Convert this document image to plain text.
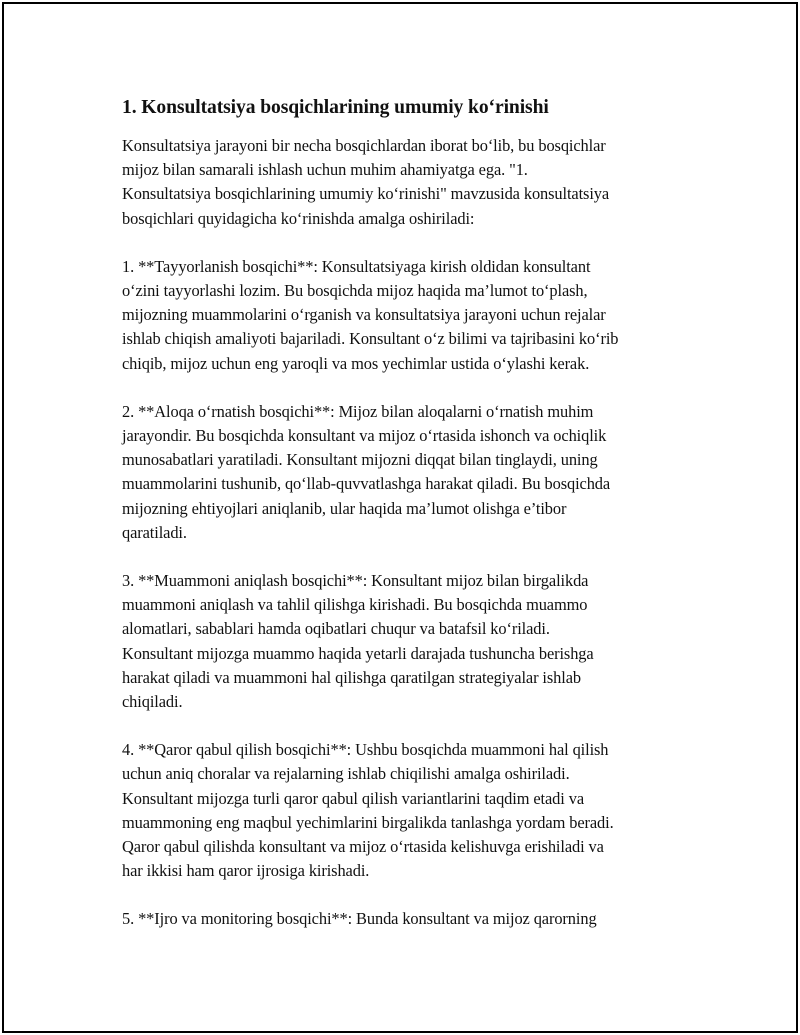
1. Konsultatsiya bosqichlarining umumiy ko‘rinishi
Konsultatsiya jarayoni bir necha bosqichlardan iborat bo‘lib, bu bosqichlar
mijoz bilan samarali ishlash uchun muhim ahamiyatga ega. "1.
Konsultatsiya bosqichlarining umumiy ko‘rinishi" mavzusida konsultatsiya
bosqichlari quyidagicha ko‘rinishda amalga oshiriladi:
1. **Tayyorlanish bosqichi**: Konsultatsiyaga kirish oldidan konsultant
o‘zini tayyorlashi lozim. Bu bosqichda mijoz haqida ma’lumot to‘plash,
mijozning muammolarini o‘rganish va konsultatsiya jarayoni uchun rejalar
ishlab chiqish amaliyoti bajariladi. Konsultant o‘z bilimi va tajribasini ko‘rib
chiqib, mijoz uchun eng yaroqli va mos yechimlar ustida o‘ylashi kerak.
2. **Aloqa o‘rnatish bosqichi**: Mijoz bilan aloqalarni o‘rnatish muhim
jarayondir. Bu bosqichda konsultant va mijoz o‘rtasida ishonch va ochiqlik
munosabatlari yaratiladi. Konsultant mijozni diqqat bilan tinglaydi, uning
muammolarini tushunib, qo‘llab-quvvatlashga harakat qiladi. Bu bosqichda
mijozning ehtiyojlari aniqlanib, ular haqida ma’lumot olishga e’tibor
qaratiladi.
3. **Muammoni aniqlash bosqichi**: Konsultant mijoz bilan birgalikda
muammoni aniqlash va tahlil qilishga kirishadi. Bu bosqichda muammo
alomatlari, sabablari hamda oqibatlari chuqur va batafsil ko‘riladi.
Konsultant mijozga muammo haqida yetarli darajada tushuncha berishga
harakat qiladi va muammoni hal qilishga qaratilgan strategiyalar ishlab
chiqiladi.
4. **Qaror qabul qilish bosqichi**: Ushbu bosqichda muammoni hal qilish
uchun aniq choralar va rejalarning ishlab chiqilishi amalga oshiriladi.
Konsultant mijozga turli qaror qabul qilish variantlarini taqdim etadi va
muammoning eng maqbul yechimlarini birgalikda tanlashga yordam beradi.
Qaror qabul qilishda konsultant va mijoz o‘rtasida kelishuvga erishiladi va
har ikkisi ham qaror ijrosiga kirishadi.
5. **Ijro va monitoring bosqichi**: Bunda konsultant va mijoz qarorning
